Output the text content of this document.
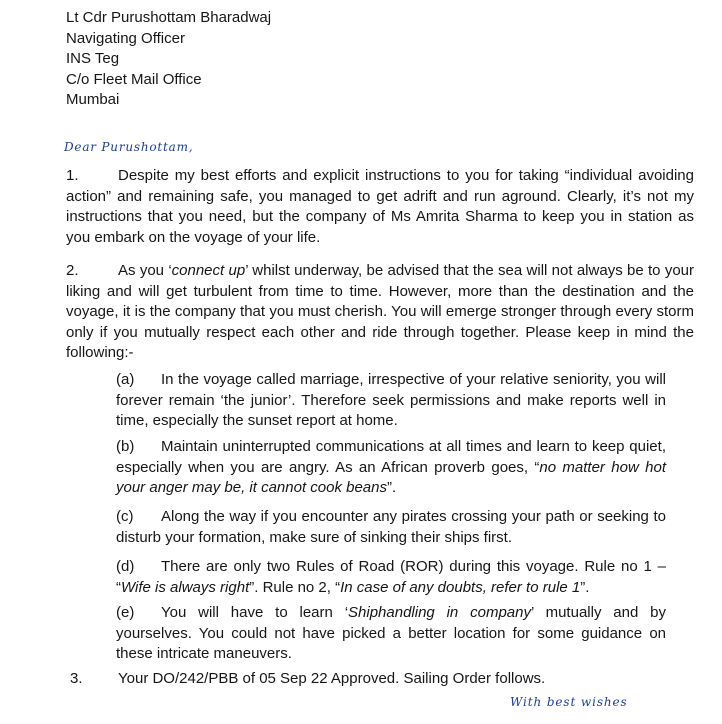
Lt Cdr Purushottam Bharadwaj
Navigating Officer
INS Teg
C/o Fleet Mail Office
Mumbai
Dear Purushottam,
1.	Despite my best efforts and explicit instructions to you for taking “individual avoiding action” and remaining safe, you managed to get adrift and run aground. Clearly, it’s not my instructions that you need, but the company of Ms Amrita Sharma to keep you in station as you embark on the voyage of your life.
2.	As you ‘connect up’ whilst underway, be advised that the sea will not always be to your liking and will get turbulent from time to time. However, more than the destination and the voyage, it is the company that you must cherish. You will emerge stronger through every storm only if you mutually respect each other and ride through together. Please keep in mind the following:-
(a) In the voyage called marriage, irrespective of your relative seniority, you will forever remain ‘the junior’. Therefore seek permissions and make reports well in time, especially the sunset report at home.
(b) Maintain uninterrupted communications at all times and learn to keep quiet, especially when you are angry. As an African proverb goes, “no matter how hot your anger may be, it cannot cook beans”.
(c) Along the way if you encounter any pirates crossing your path or seeking to disturb your formation, make sure of sinking their ships first.
(d) There are only two Rules of Road (ROR) during this voyage. Rule no 1 – “Wife is always right”. Rule no 2, “In case of any doubts, refer to rule 1”.
(e) You will have to learn ‘Shiphandling in company’ mutually and by yourselves. You could not have picked a better location for some guidance on these intricate maneuvers.
3. Your DO/242/PBB of 05 Sep 22 Approved. Sailing Order follows.
With best wishes
